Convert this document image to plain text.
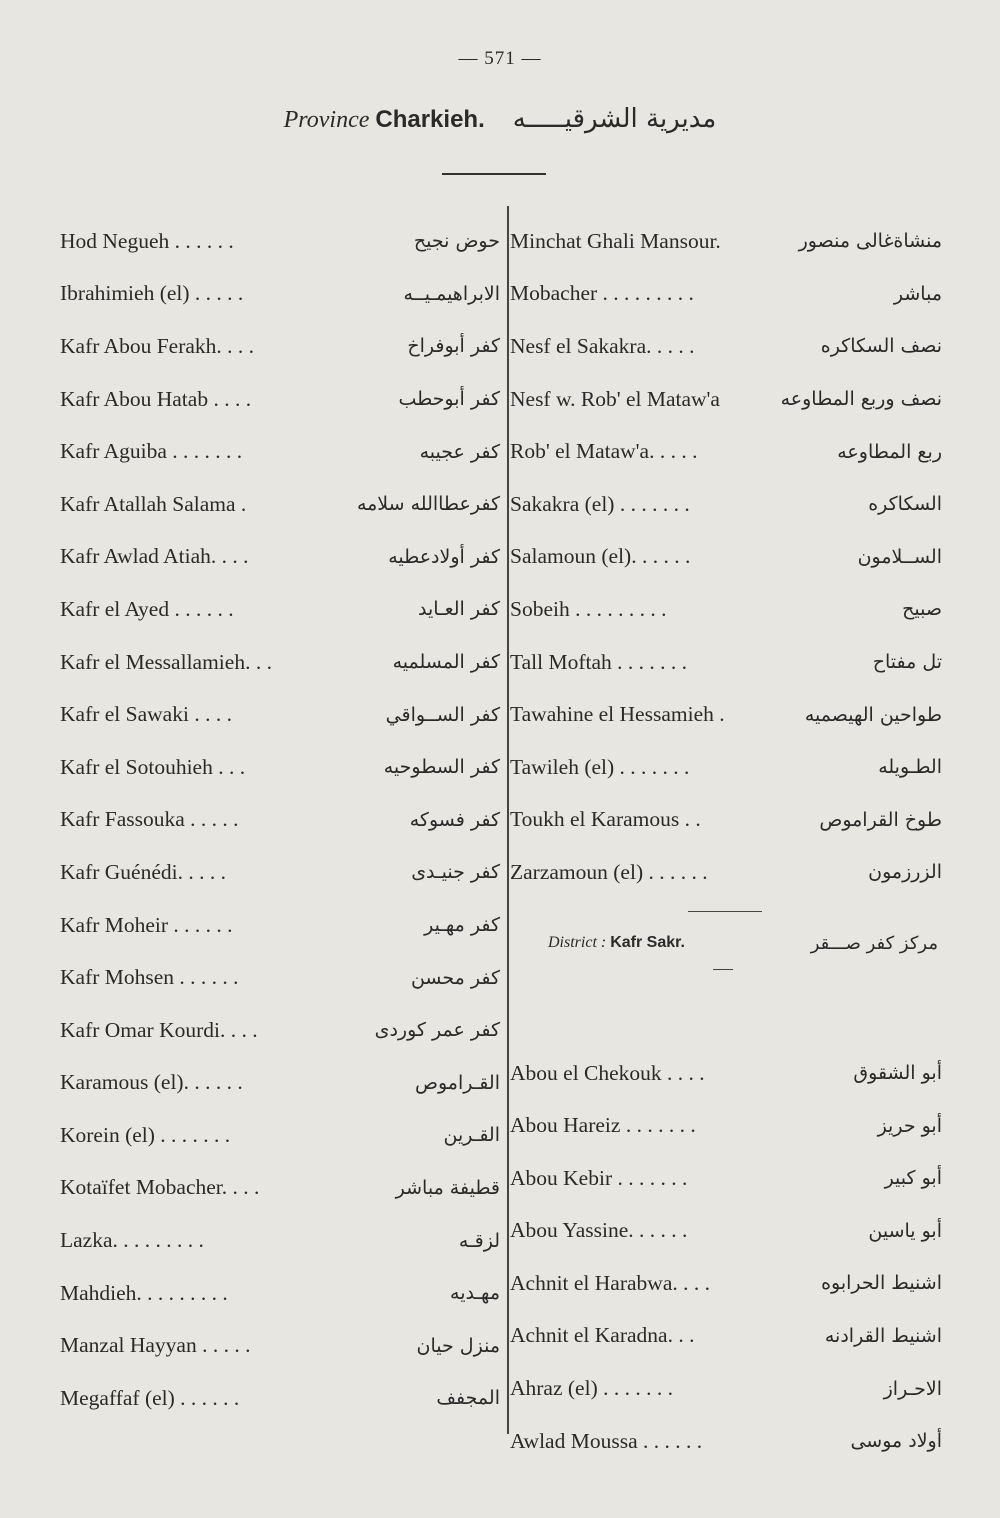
— 571 —
Province Charkieh. مديرية الشرقيـــــه
Hod Negueh . . . . . .	حوض نجيح
Ibrahimieh (el) . . . . .	الابراهيمـيــه
Kafr Abou Ferakh. . . .	كفر أبوفراخ
Kafr Abou Hatab . . . .	كفر أبوحطب
Kafr Aguiba . . . . . . .	كفر عجيبه
Kafr Atallah Salama .	كفرعطاالله سلامه
Kafr Awlad Atiah. . . .	كفر أولادعطيه
Kafr el Ayed . . . . . .	كفر العـايد
Kafr el Messallamieh. . .	كفر المسلميه
Kafr el Sawaki . . . .	كفر الســواقي
Kafr el Sotouhieh . . .	كفر السطوحيه
Kafr Fassouka . . . . .	كفر فسوكه
Kafr Guénédi. . . . .	كفر جنيـدى
Kafr Moheir . . . . . .	كفر مهـير
Kafr Mohsen . . . . . .	كفر محسن
Kafr Omar Kourdi. . . .	كفر عمر كوردى
Karamous (el). . . . . .	القـراموص
Korein (el) . . . . . . .	القـرين
Kotaïfet Mobacher. . . .	قطيفة مباشر
Lazka. . . . . . . . .	لزقـه
Mahdieh. . . . . . . . .	مهـديه
Manzal Hayyan . . . . .	منزل حيان
Megaffaf (el) . . . . . .	المجفف
Minchat Ghali Mansour.	منشاةغالى منصور
Mobacher . . . . . . . . .	مباشر
Nesf el Sakakra. . . . .	نصف السكاكره
Nesf w. Rob' el Mataw'a	نصف وربع المطاوعه
Rob' el Mataw'a. . . . .	ربع المطاوعه
Sakakra (el) . . . . . . .	السكاكره
Salamoun (el). . . . . .	الســلامون
Sobeih . . . . . . . . .	صبيح
Tall Moftah . . . . . . .	تل مفتاح
Tawahine el Hessamieh .	طواحين الهيصميه
Tawileh (el) . . . . . . .	الطـويله
Toukh el Karamous . .	طوخ القراموص
Zarzamoun (el) . . . . . .	الزرزمون
District : Kafr Sakr.	مركز كفر صـــقر
Abou el Chekouk . . . .	أبو الشقوق
Abou Hareiz . . . . . . .	أبو حريز
Abou Kebir . . . . . . .	أبو كبير
Abou Yassine. . . . . .	أبو ياسين
Achnit el Harabwa. . . .	اشنيط الحرابوه
Achnit el Karadna. . .	اشنيط القرادنه
Ahraz (el) . . . . . . .	الاحـراز
Awlad Moussa . . . . . .	أولاد موسى
